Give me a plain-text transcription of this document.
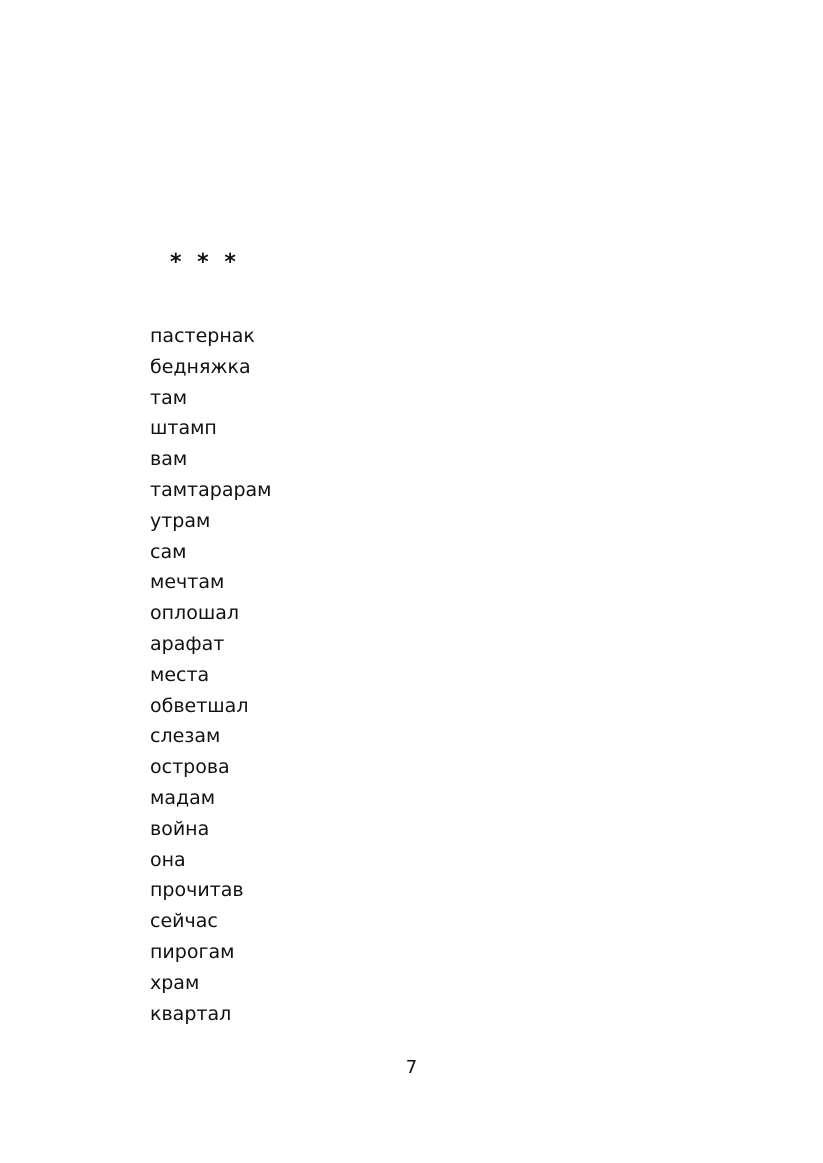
* * *
пастернак
бедняжка
там
штамп
вам
тамтарарам
утрам
сам
мечтам
оплошал
арафат
места
обветшал
слезам
острова
мадам
война
она
прочитав
сейчас
пирогам
храм
квартал
7
